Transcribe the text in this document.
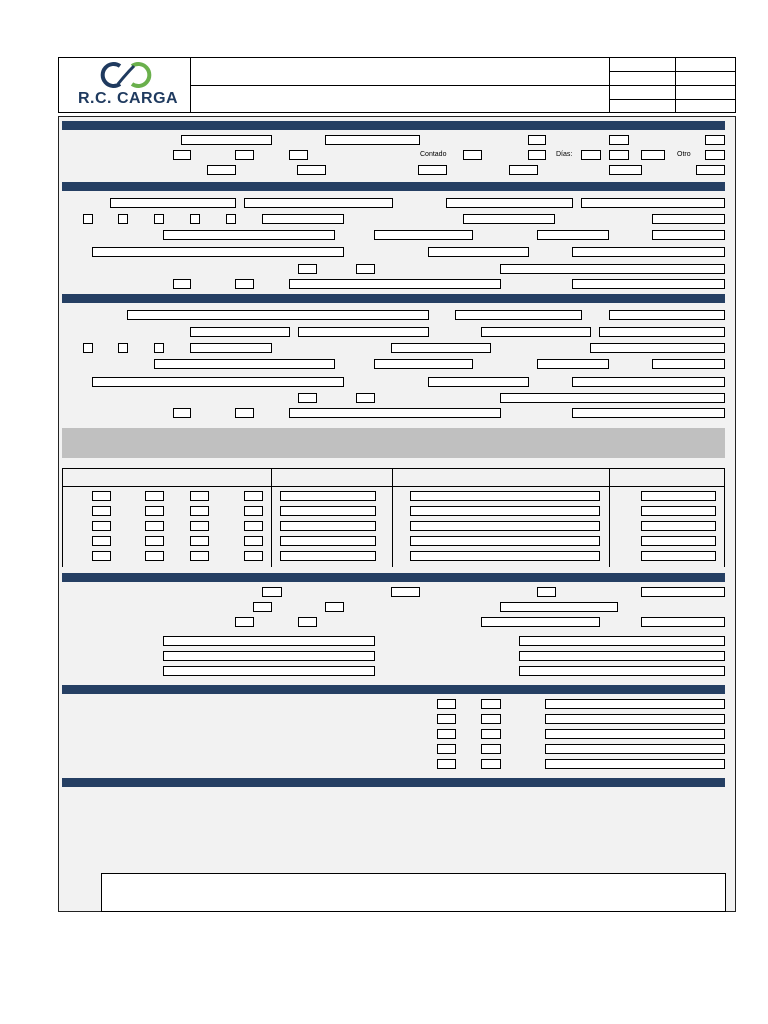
R.C. CARGA
Contado	Días:	Otro
